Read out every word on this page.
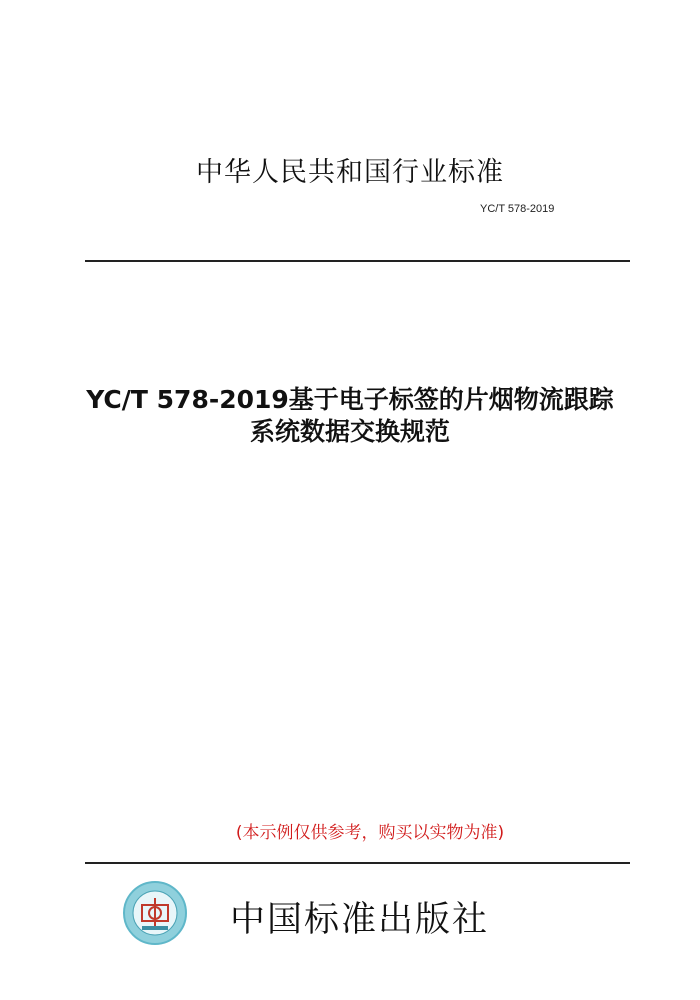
中华人民共和国行业标准
YC/T 578-2019
YC/T 578-2019基于电子标签的片烟物流跟踪
系统数据交换规范
(本示例仅供参考，购买以实物为准)
中国标准出版社
